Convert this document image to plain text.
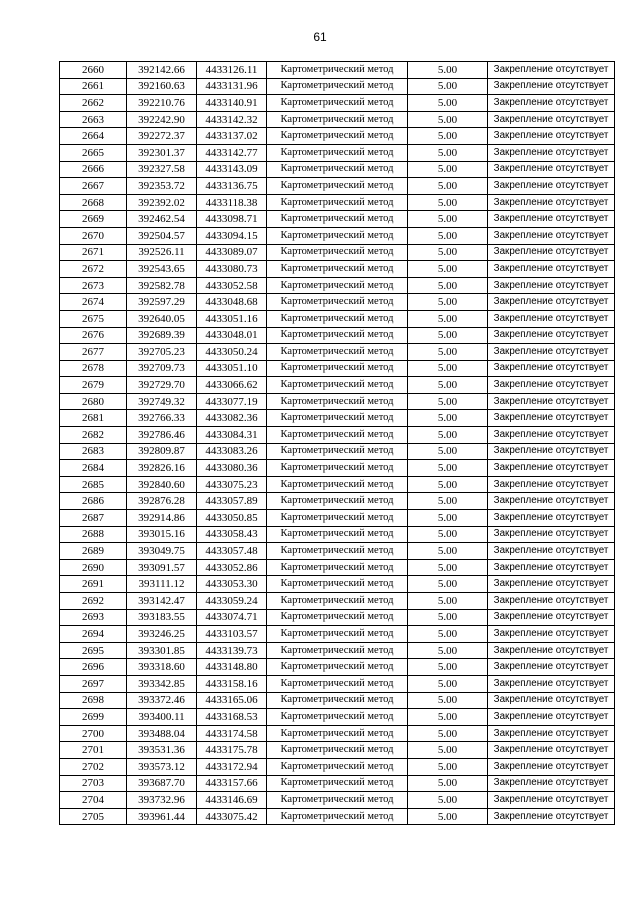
61
2660	392142.66	4433126.11	Картометрический метод	5.00	Закрепление отсутствует
2661	392160.63	4433131.96	Картометрический метод	5.00	Закрепление отсутствует
2662	392210.76	4433140.91	Картометрический метод	5.00	Закрепление отсутствует
2663	392242.90	4433142.32	Картометрический метод	5.00	Закрепление отсутствует
2664	392272.37	4433137.02	Картометрический метод	5.00	Закрепление отсутствует
2665	392301.37	4433142.77	Картометрический метод	5.00	Закрепление отсутствует
2666	392327.58	4433143.09	Картометрический метод	5.00	Закрепление отсутствует
2667	392353.72	4433136.75	Картометрический метод	5.00	Закрепление отсутствует
2668	392392.02	4433118.38	Картометрический метод	5.00	Закрепление отсутствует
2669	392462.54	4433098.71	Картометрический метод	5.00	Закрепление отсутствует
2670	392504.57	4433094.15	Картометрический метод	5.00	Закрепление отсутствует
2671	392526.11	4433089.07	Картометрический метод	5.00	Закрепление отсутствует
2672	392543.65	4433080.73	Картометрический метод	5.00	Закрепление отсутствует
2673	392582.78	4433052.58	Картометрический метод	5.00	Закрепление отсутствует
2674	392597.29	4433048.68	Картометрический метод	5.00	Закрепление отсутствует
2675	392640.05	4433051.16	Картометрический метод	5.00	Закрепление отсутствует
2676	392689.39	4433048.01	Картометрический метод	5.00	Закрепление отсутствует
2677	392705.23	4433050.24	Картометрический метод	5.00	Закрепление отсутствует
2678	392709.73	4433051.10	Картометрический метод	5.00	Закрепление отсутствует
2679	392729.70	4433066.62	Картометрический метод	5.00	Закрепление отсутствует
2680	392749.32	4433077.19	Картометрический метод	5.00	Закрепление отсутствует
2681	392766.33	4433082.36	Картометрический метод	5.00	Закрепление отсутствует
2682	392786.46	4433084.31	Картометрический метод	5.00	Закрепление отсутствует
2683	392809.87	4433083.26	Картометрический метод	5.00	Закрепление отсутствует
2684	392826.16	4433080.36	Картометрический метод	5.00	Закрепление отсутствует
2685	392840.60	4433075.23	Картометрический метод	5.00	Закрепление отсутствует
2686	392876.28	4433057.89	Картометрический метод	5.00	Закрепление отсутствует
2687	392914.86	4433050.85	Картометрический метод	5.00	Закрепление отсутствует
2688	393015.16	4433058.43	Картометрический метод	5.00	Закрепление отсутствует
2689	393049.75	4433057.48	Картометрический метод	5.00	Закрепление отсутствует
2690	393091.57	4433052.86	Картометрический метод	5.00	Закрепление отсутствует
2691	393111.12	4433053.30	Картометрический метод	5.00	Закрепление отсутствует
2692	393142.47	4433059.24	Картометрический метод	5.00	Закрепление отсутствует
2693	393183.55	4433074.71	Картометрический метод	5.00	Закрепление отсутствует
2694	393246.25	4433103.57	Картометрический метод	5.00	Закрепление отсутствует
2695	393301.85	4433139.73	Картометрический метод	5.00	Закрепление отсутствует
2696	393318.60	4433148.80	Картометрический метод	5.00	Закрепление отсутствует
2697	393342.85	4433158.16	Картометрический метод	5.00	Закрепление отсутствует
2698	393372.46	4433165.06	Картометрический метод	5.00	Закрепление отсутствует
2699	393400.11	4433168.53	Картометрический метод	5.00	Закрепление отсутствует
2700	393488.04	4433174.58	Картометрический метод	5.00	Закрепление отсутствует
2701	393531.36	4433175.78	Картометрический метод	5.00	Закрепление отсутствует
2702	393573.12	4433172.94	Картометрический метод	5.00	Закрепление отсутствует
2703	393687.70	4433157.66	Картометрический метод	5.00	Закрепление отсутствует
2704	393732.96	4433146.69	Картометрический метод	5.00	Закрепление отсутствует
2705	393961.44	4433075.42	Картометрический метод	5.00	Закрепление отсутствует
